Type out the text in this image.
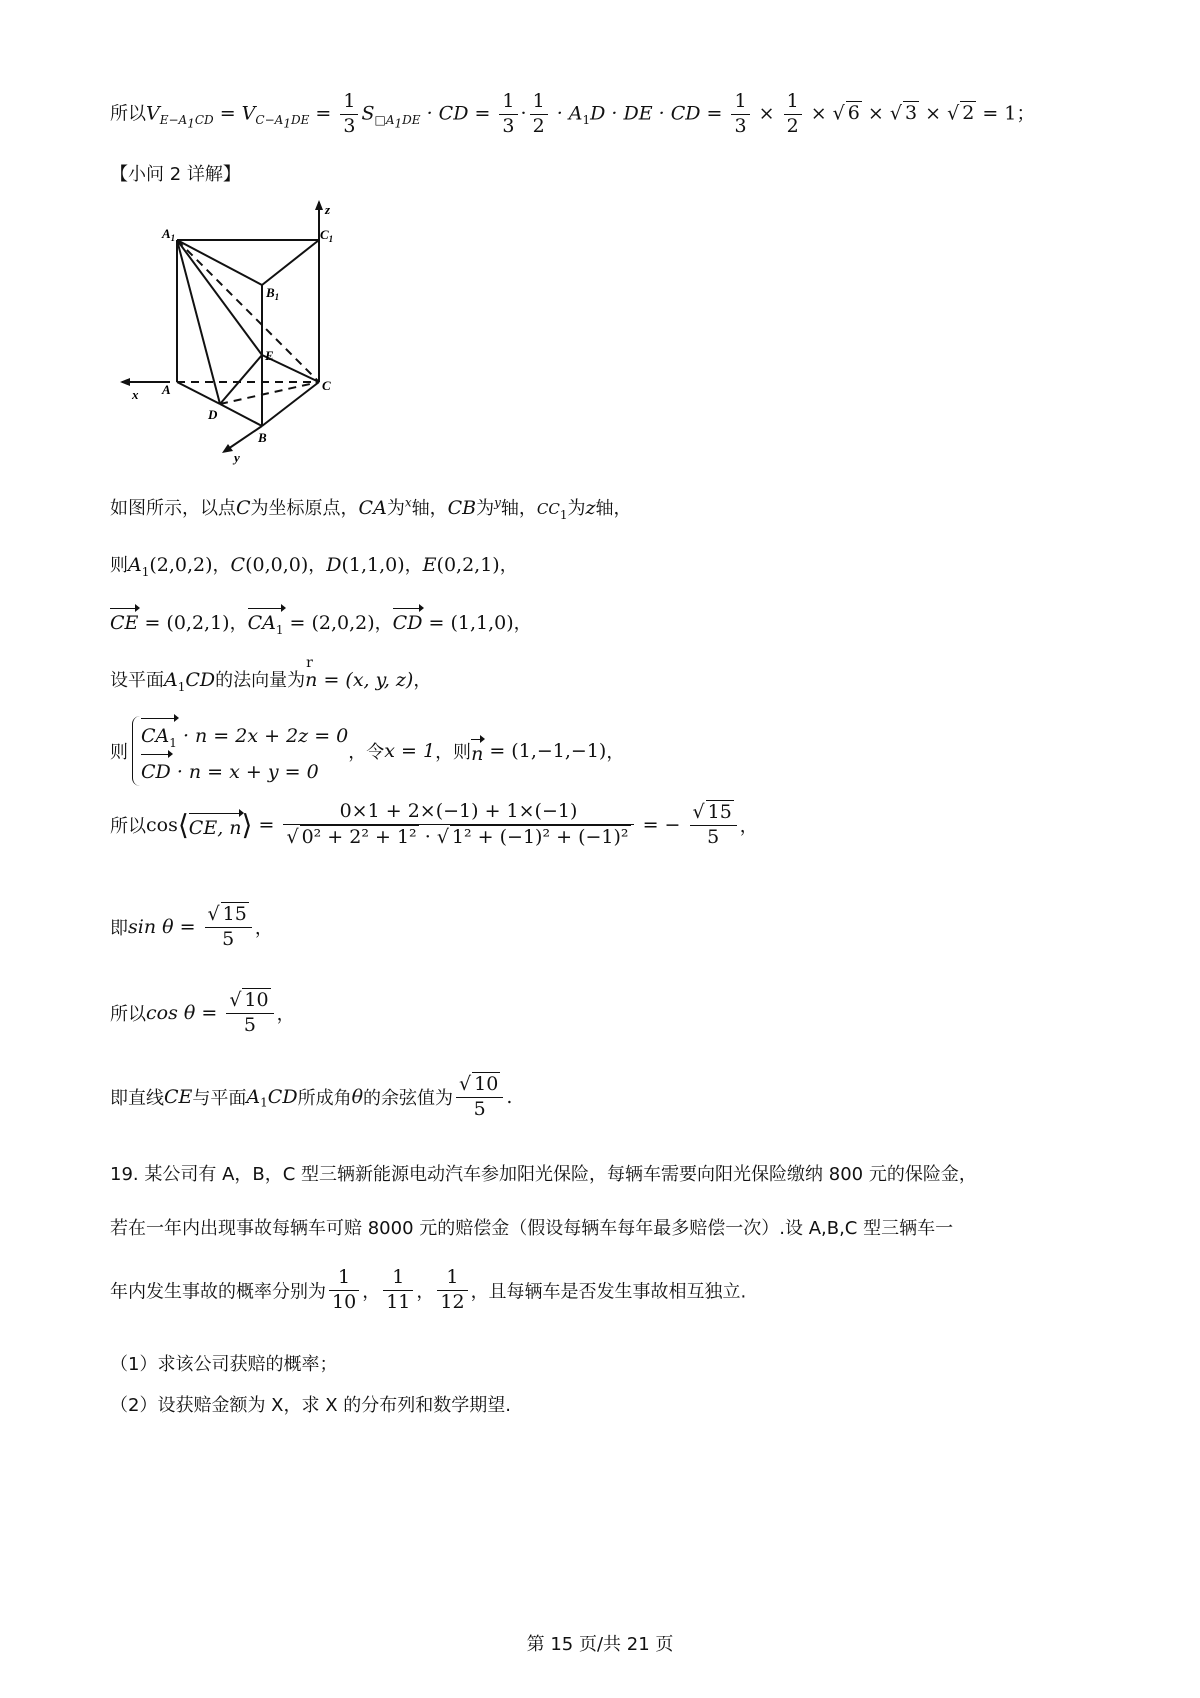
所以$V_{E-A_1CD} = V_{C-A_1DE} = \frac{1}{3} S_{□A_1DE}$ · CD = $\frac{1}{3} \cdot \frac{1}{2} \cdot A_1D$ · DE · CD = $\frac{1}{3} \times \frac{1}{2}$ × √ 6 × √ 3 × √ 2 = 1；
【小问 2 详解】
$A_1$	$C_1$
$B_1$
E
A	C
D
B
x
y
z
如图所示，以点C为坐标原点，CA为$^x$轴，CB为$^y$轴，$CC_1$为z轴，
则$A_1(2,0,2)$，C(0,0,0)，D(1,1,0)，E(0,2,1)，
CE = (0,2,1)，$CA_1 = (2,0,2)$，CD = (1,1,0)，
设平面$A_1CD$的法向量为
r
n = (x, y, z)，
则
$CA_1 \cdot n = 2x + 2z = 0$
CD · n = x + y = 0
，令x = 1，则n = (1,−1,−1)，
所以cos⟨CE, n⟩ = $\frac{0\times 1 + 2\times(-1) + 1\times(-1)}{\text{√ 0² + 2² + 1² · √ 1² + (−1)² + (−1)²}}$ = − $\frac{√ 15}{5}$ ，
即$\sin \theta = \frac{√ 15}{5}$ ，
所以$\cos \theta = \frac{√ 10}{5}$ ，
即直线CE与平面$A_1CD$所成角θ的余弦值为 $\frac{√ 10}{5}$ .
19. 某公司有 A，B，C 型三辆新能源电动汽车参加阳光保险，每辆车需要向阳光保险缴纳 800 元的保险金，
若在一年内出现事故每辆车可赔 8000 元的赔偿金（假设每辆车每年最多赔偿一次）.设 A,B,C 型三辆车一
年内发生事故的概率分别为 $\frac{1}{10}$ ， $\frac{1}{11}$ ， $\frac{1}{12}$ ，且每辆车是否发生事故相互独立.
（1）求该公司获赔的概率；
（2）设获赔金额为 X，求 X 的分布列和数学期望.
第 15 页/共 21 页
